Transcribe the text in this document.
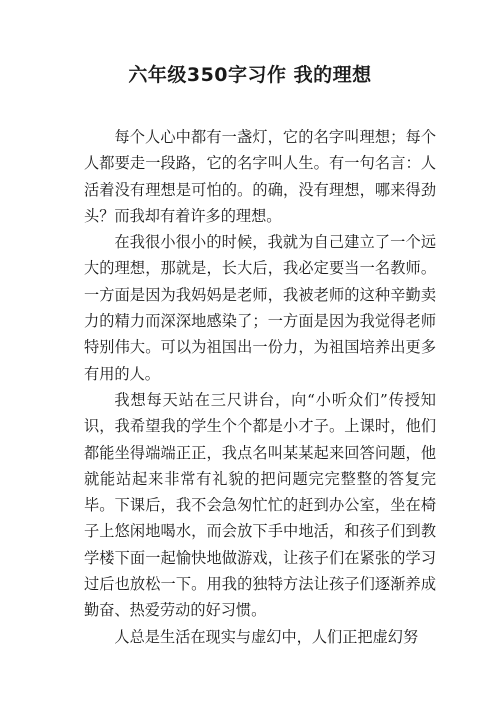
六年级350字习作 我的理想

每个人心中都有一盏灯，它的名字叫理想；每个人都要走一段路，它的名字叫人生。有一句名言：人活着没有理想是可怕的。的确，没有理想，哪来得劲头？而我却有着许多的理想。

在我很小很小的时候，我就为自己建立了一个远大的理想，那就是，长大后，我必定要当一名教师。一方面是因为我妈妈是老师，我被老师的这种辛勤卖力的精力而深深地感染了；一方面是因为我觉得老师特别伟大。可以为祖国出一份力，为祖国培养出更多有用的人。

我想每天站在三尺讲台，向“小听众们”传授知识，我希望我的学生个个都是小才子。上课时，他们都能坐得端端正正，我点名叫某某起来回答问题，他就能站起来非常有礼貌的把问题完完整整的答复完毕。下课后，我不会急匆忙忙的赶到办公室，坐在椅子上悠闲地喝水，而会放下手中地活，和孩子们到教学楼下面一起愉快地做游戏，让孩子们在紧张的学习过后也放松一下。用我的独特方法让孩子们逐渐养成勤奋、热爱劳动的好习惯。

人总是生活在现实与虚幻中，人们正把虚幻努
